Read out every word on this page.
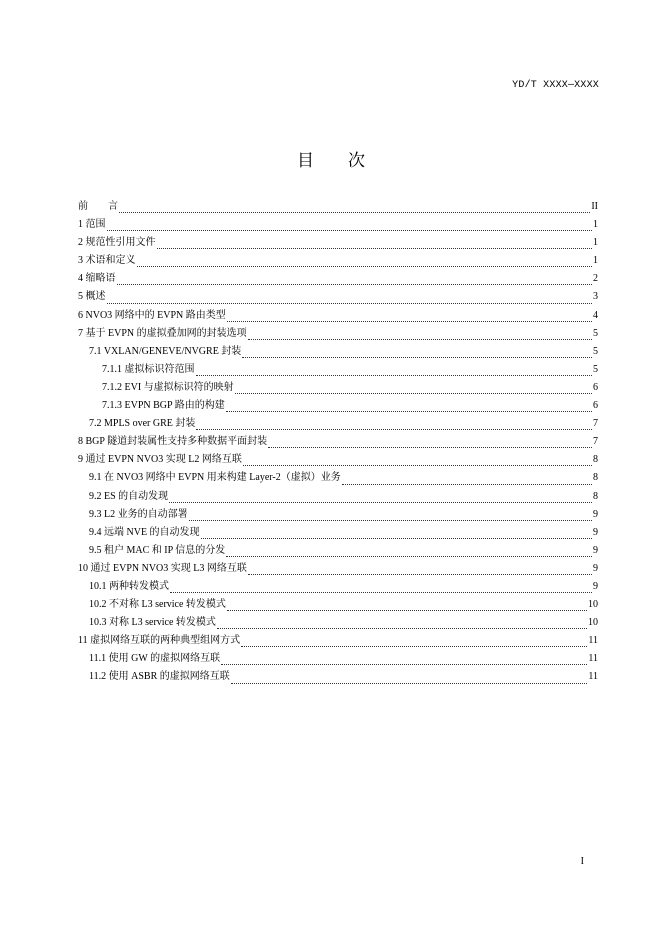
YD/T XXXX—XXXX
目次
前　　言	II
1 范围	1
2 规范性引用文件	1
3 术语和定义	1
4 缩略语	2
5 概述	3
6 NVO3 网络中的 EVPN 路由类型	4
7 基于 EVPN 的虚拟叠加网的封装选项	5
7.1 VXLAN/GENEVE/NVGRE 封装	5
7.1.1 虚拟标识符范围	5
7.1.2 EVI 与虚拟标识符的映射	6
7.1.3 EVPN BGP 路由的构建	6
7.2 MPLS over GRE 封装	7
8 BGP 隧道封装属性支持多种数据平面封装	7
9 通过 EVPN NVO3 实现 L2 网络互联	8
9.1 在 NVO3 网络中 EVPN 用来构建 Layer-2（虚拟）业务	8
9.2 ES 的自动发现	8
9.3 L2 业务的自动部署	9
9.4 远端 NVE 的自动发现	9
9.5 租户 MAC 和 IP 信息的分发	9
10 通过 EVPN NVO3 实现 L3 网络互联	9
10.1 两种转发模式	9
10.2 不对称 L3 service 转发模式	10
10.3 对称 L3 service 转发模式	10
11 虚拟网络互联的两种典型组网方式	11
11.1 使用 GW 的虚拟网络互联	11
11.2 使用 ASBR 的虚拟网络互联	11
I
